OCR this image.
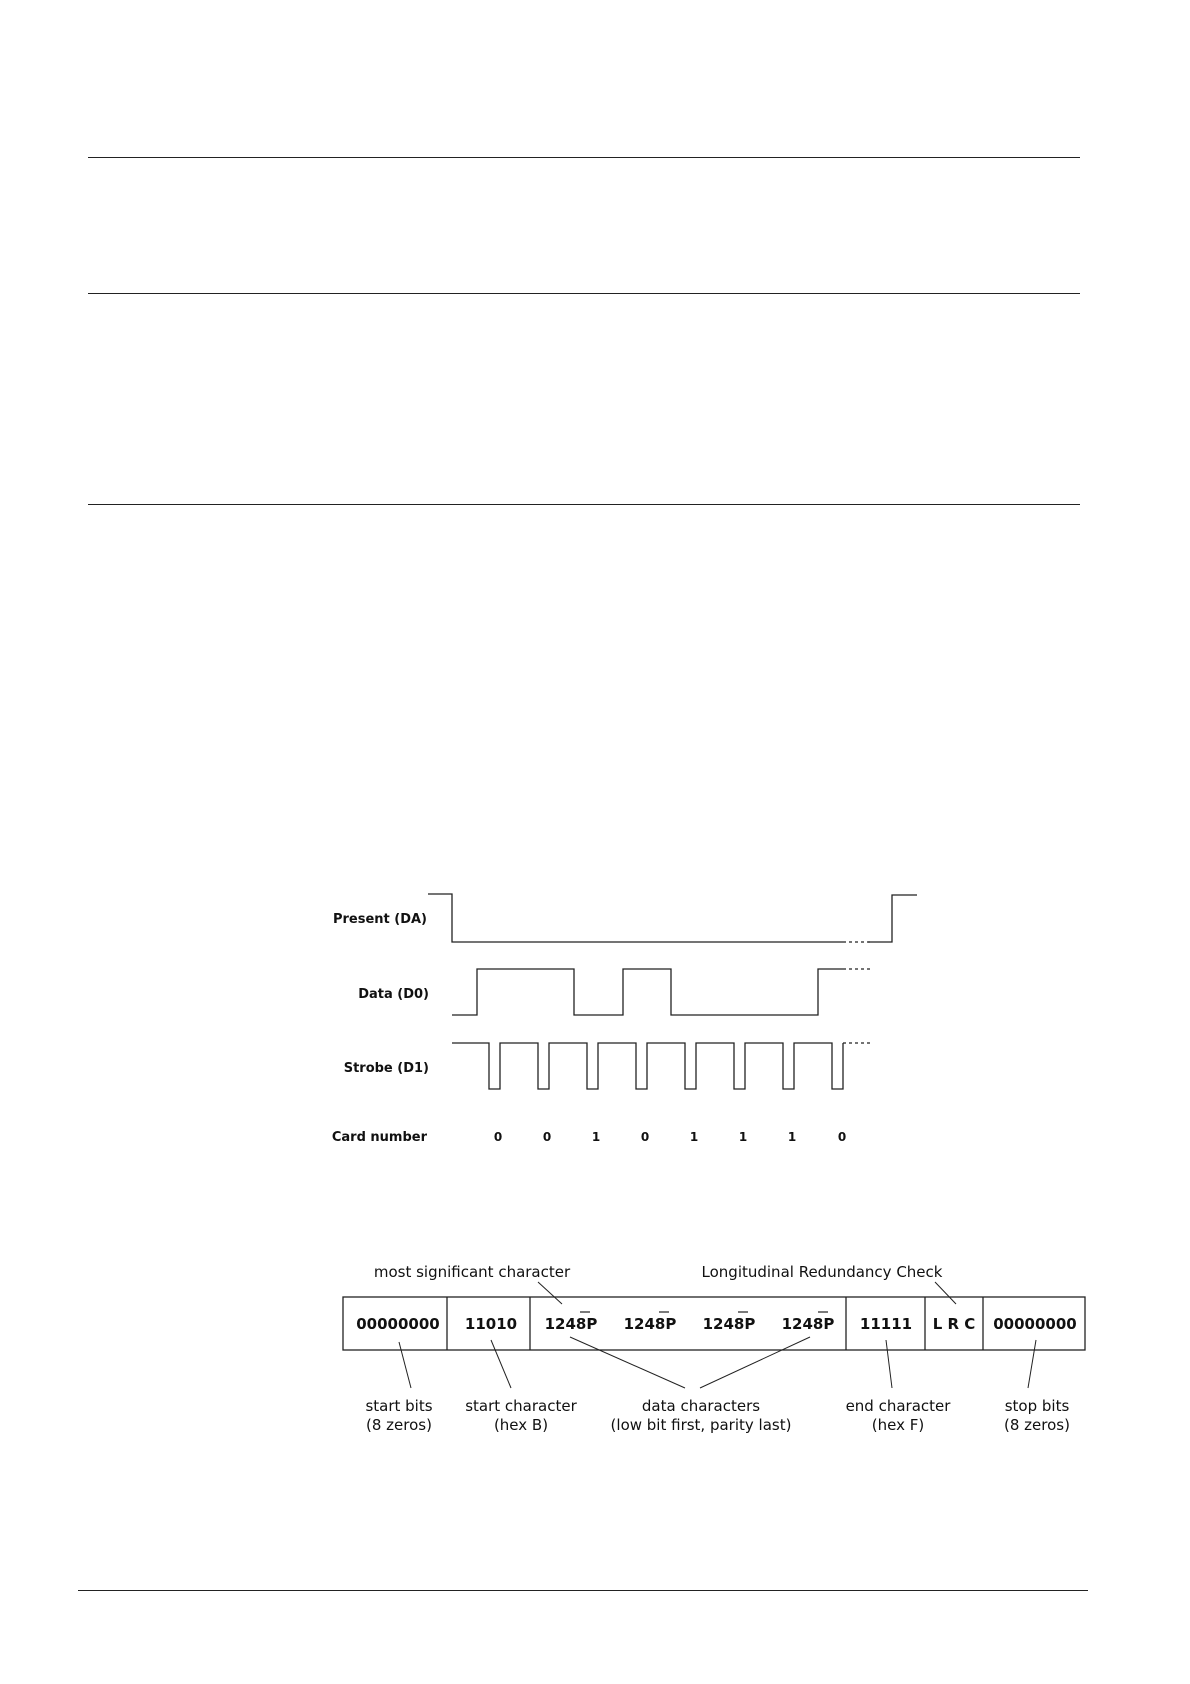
Present (DA)
Data (D0)
Strobe (D1)
Card number	0	0	1	0	1	1	1	0
most significant character	Longitudinal Redundancy Check
00000000 11010 1248P 1248P 1248P 1248P 11111 L R C 00000000
start bits
(8 zeros)
start character
(hex B)
data characters
(low bit first, parity last)
end character
(hex F)
stop bits
(8 zeros)
